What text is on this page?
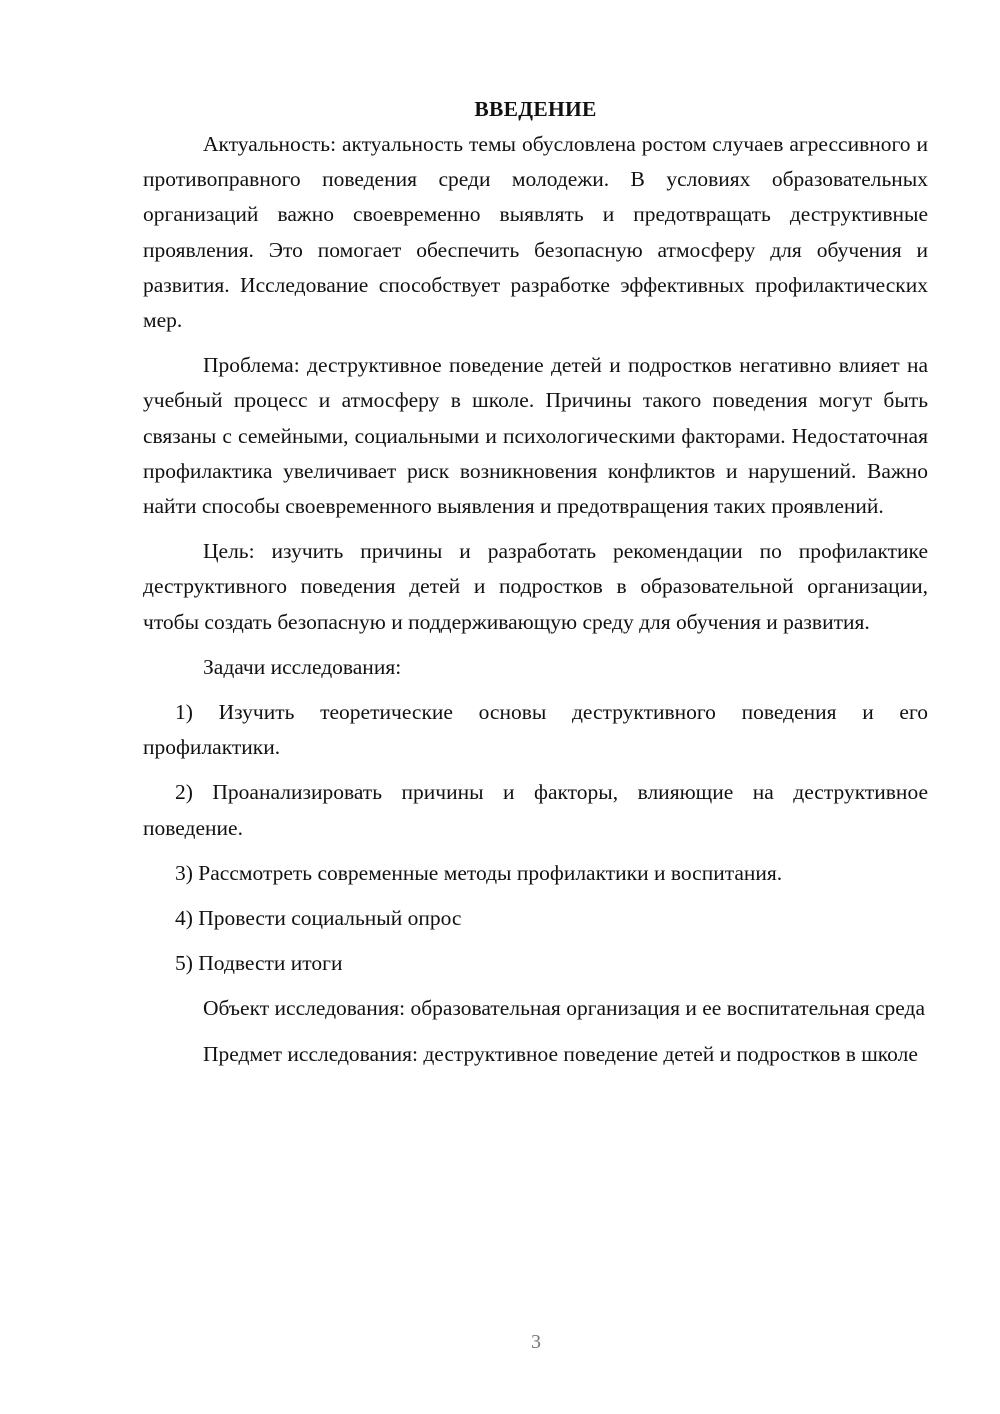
ВВЕДЕНИЕ

Актуальность: актуальность темы обусловлена ростом случаев агрессивного и противоправного поведения среди молодежи. В условиях образовательных организаций важно своевременно выявлять и предотвращать деструктивные проявления. Это помогает обеспечить безопасную атмосферу для обучения и развития. Исследование способствует разработке эффективных профилактических мер.

Проблема: деструктивное поведение детей и подростков негативно влияет на учебный процесс и атмосферу в школе. Причины такого поведения могут быть связаны с семейными, социальными и психологическими факторами. Недостаточная профилактика увеличивает риск возникновения конфликтов и нарушений. Важно найти способы своевременного выявления и предотвращения таких проявлений.

Цель: изучить причины и разработать рекомендации по профилактике деструктивного поведения детей и подростков в образовательной организации, чтобы создать безопасную и поддерживающую среду для обучения и развития.

Задачи исследования:

1) Изучить теоретические основы деструктивного поведения и его профилактики.

2) Проанализировать причины и факторы, влияющие на деструктивное поведение.

3) Рассмотреть современные методы профилактики и воспитания.

4) Провести социальный опрос

5) Подвести итоги

Объект исследования: образовательная организация и ее воспитательная среда

Предмет исследования: деструктивное поведение детей и подростков в школе

3
